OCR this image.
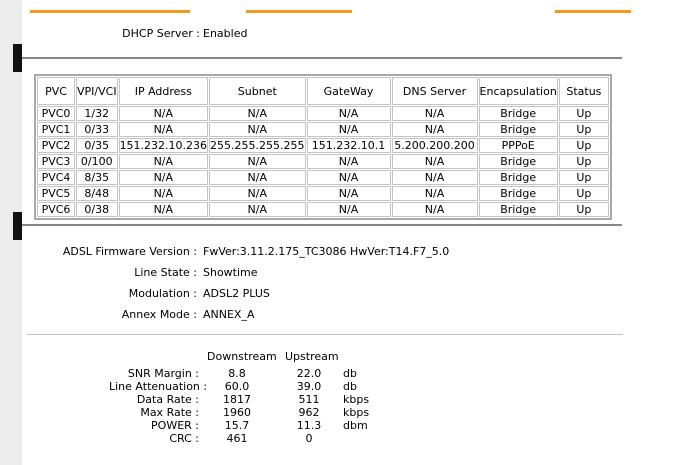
DHCP Server : Enabled
PVC	VPI/VCI	IP Address	Subnet	GateWay	DNS Server	Encapsulation	Status
PVC0	1/32	N/A	N/A	N/A	N/A	Bridge	Up
PVC1	0/33	N/A	N/A	N/A	N/A	Bridge	Up
PVC2	0/35	151.232.10.236	255.255.255.255	151.232.10.1	5.200.200.200	PPPoE	Up
PVC3	0/100	N/A	N/A	N/A	N/A	Bridge	Up
PVC4	8/35	N/A	N/A	N/A	N/A	Bridge	Up
PVC5	8/48	N/A	N/A	N/A	N/A	Bridge	Up
PVC6	0/38	N/A	N/A	N/A	N/A	Bridge	Up
ADSL Firmware Version : FwVer:3.11.2.175_TC3086 HwVer:T14.F7_5.0
Line State : Showtime
Modulation : ADSL2 PLUS
Annex Mode : ANNEX_A
Downstream Upstream
SNR Margin :	8.8	22.0	db
Line Attenuation :	60.0	39.0	db
Data Rate :	1817	511	kbps
Max Rate :	1960	962	kbps
POWER :	15.7	11.3	dbm
CRC :	461	0
